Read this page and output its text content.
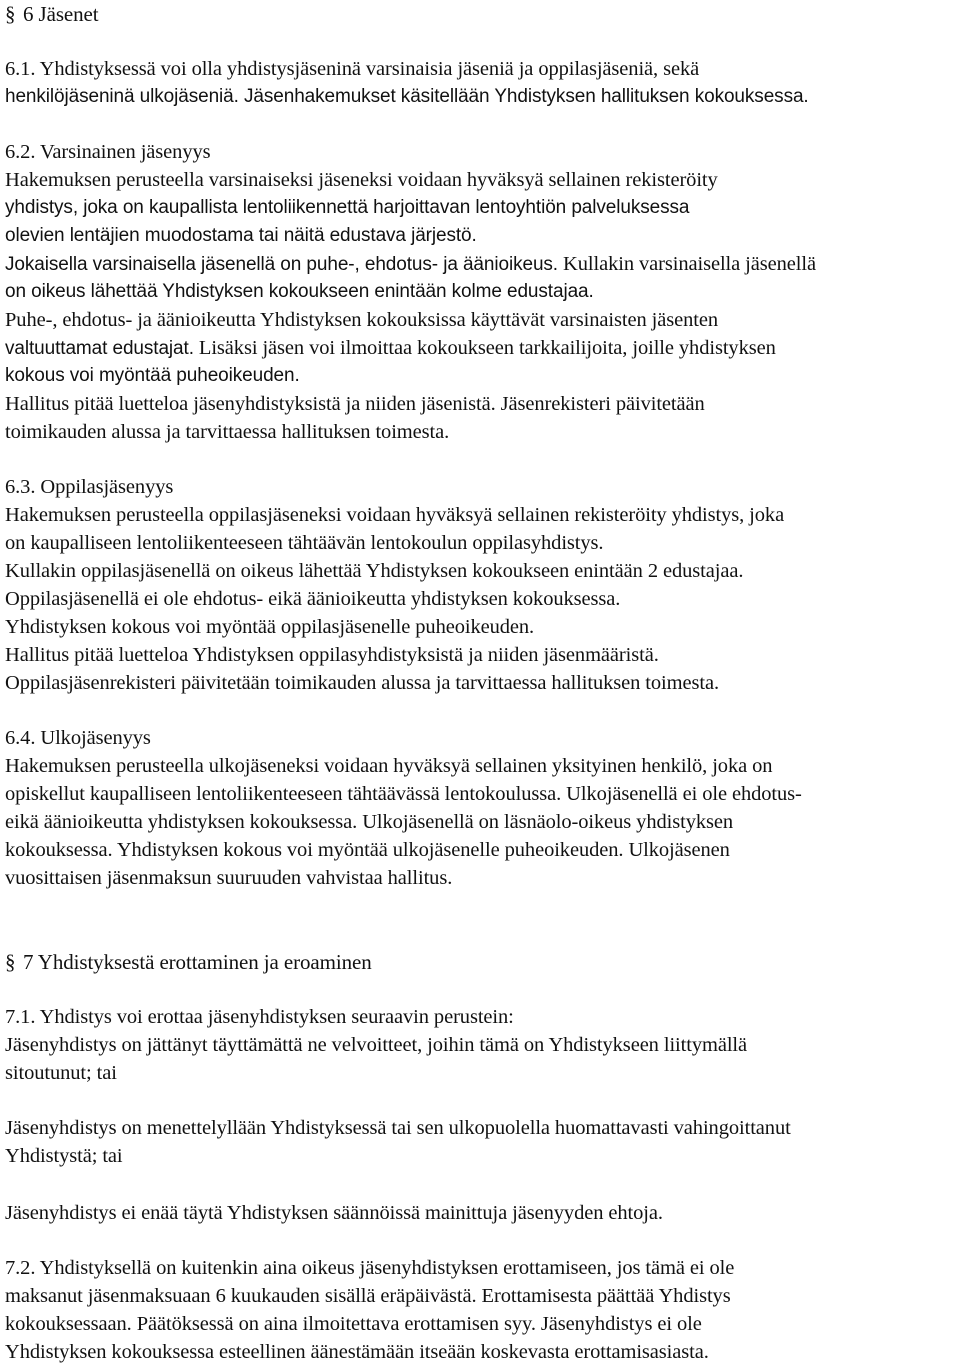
§ 6 Jäsenet
6.1. Yhdistyksessä voi olla yhdistysjäseninä varsinaisia jäseniä ja oppilasjäseniä, sekä
henkilöjäseninä ulkojäseniä. Jäsenhakemukset käsitellään Yhdistyksen hallituksen kokouksessa.
6.2. Varsinainen jäsenyys
Hakemuksen perusteella varsinaiseksi jäseneksi voidaan hyväksyä sellainen rekisteröity
yhdistys, joka on kaupallista lentoliikennettä harjoittavan lentoyhtiön palveluksessa
olevien lentäjien muodostama tai näitä edustava järjestö.
Jokaisella varsinaisella jäsenellä on puhe-, ehdotus- ja äänioikeus. Kullakin varsinaisella jäsenellä
on oikeus lähettää Yhdistyksen kokoukseen enintään kolme edustajaa.
Puhe-, ehdotus- ja äänioikeutta Yhdistyksen kokouksissa käyttävät varsinaisten jäsenten
valtuuttamat edustajat. Lisäksi jäsen voi ilmoittaa kokoukseen tarkkailijoita, joille yhdistyksen
kokous voi myöntää puheoikeuden.
Hallitus pitää luetteloa jäsenyhdistyksistä ja niiden jäsenistä. Jäsenrekisteri päivitetään
toimikauden alussa ja tarvittaessa hallituksen toimesta.
6.3. Oppilasjäsenyys
Hakemuksen perusteella oppilasjäseneksi voidaan hyväksyä sellainen rekisteröity yhdistys, joka
on kaupalliseen lentoliikenteeseen tähtäävän lentokoulun oppilasyhdistys.
Kullakin oppilasjäsenellä on oikeus lähettää Yhdistyksen kokoukseen enintään 2 edustajaa.
Oppilasjäsenellä ei ole ehdotus- eikä äänioikeutta yhdistyksen kokouksessa.
Yhdistyksen kokous voi myöntää oppilasjäsenelle puheoikeuden.
Hallitus pitää luetteloa Yhdistyksen oppilasyhdistyksistä ja niiden jäsenmääristä.
Oppilasjäsenrekisteri päivitetään toimikauden alussa ja tarvittaessa hallituksen toimesta.
6.4. Ulkojäsenyys
Hakemuksen perusteella ulkojäseneksi voidaan hyväksyä sellainen yksityinen henkilö, joka on
opiskellut kaupalliseen lentoliikenteeseen tähtäävässä lentokoulussa. Ulkojäsenellä ei ole ehdotus-
eikä äänioikeutta yhdistyksen kokouksessa. Ulkojäsenellä on läsnäolo-oikeus yhdistyksen
kokouksessa. Yhdistyksen kokous voi myöntää ulkojäsenelle puheoikeuden. Ulkojäsenen
vuosittaisen jäsenmaksun suuruuden vahvistaa hallitus.
§ 7 Yhdistyksestä erottaminen ja eroaminen
7.1. Yhdistys voi erottaa jäsenyhdistyksen seuraavin perustein:
Jäsenyhdistys on jättänyt täyttämättä ne velvoitteet, joihin tämä on Yhdistykseen liittymällä
sitoutunut; tai
Jäsenyhdistys on menettelyllään Yhdistyksessä tai sen ulkopuolella huomattavasti vahingoittanut
Yhdistystä; tai
Jäsenyhdistys ei enää täytä Yhdistyksen säännöissä mainittuja jäsenyyden ehtoja.
7.2. Yhdistyksellä on kuitenkin aina oikeus jäsenyhdistyksen erottamiseen, jos tämä ei ole
maksanut jäsenmaksuaan 6 kuukauden sisällä eräpäivästä. Erottamisesta päättää Yhdistys
kokouksessaan. Päätöksessä on aina ilmoitettava erottamisen syy. Jäsenyhdistys ei ole
Yhdistyksen kokouksessa esteellinen äänestämään itseään koskevasta erottamisasiasta.
